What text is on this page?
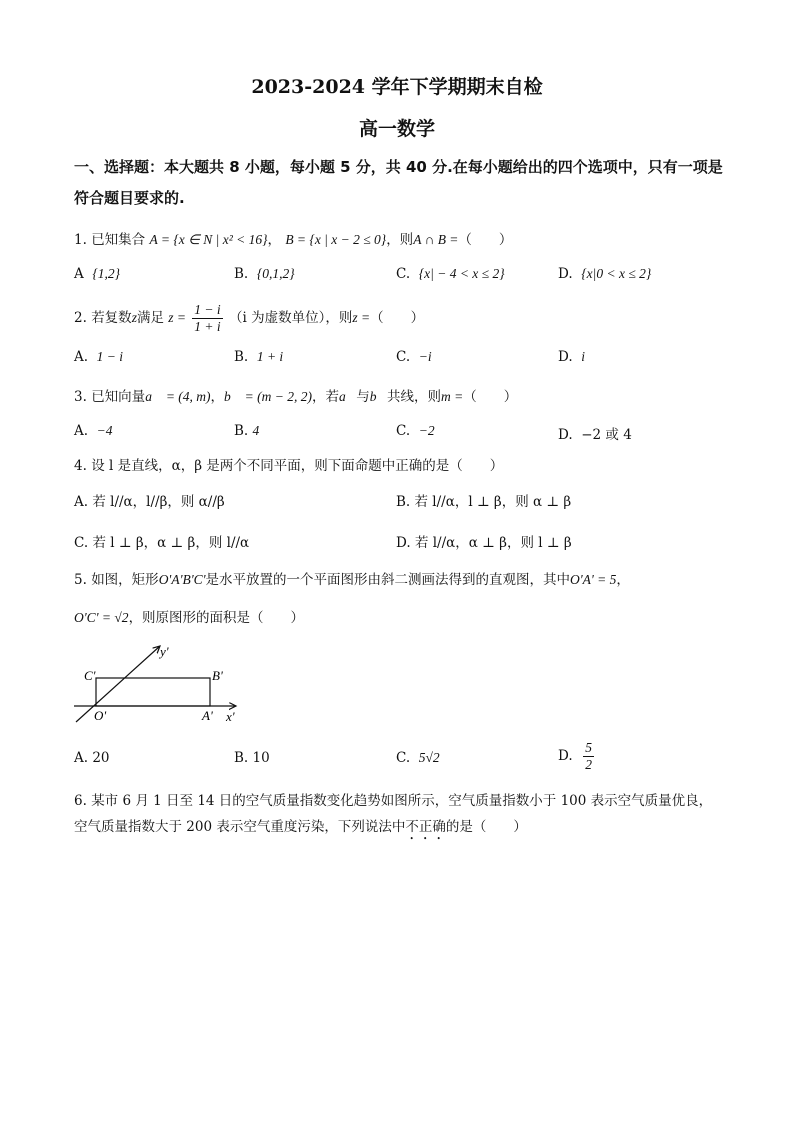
2023-2024 学年下学期期末自检
高一数学
一、选择题：本大题共 8 小题，每小题 5 分，共 40 分.在每小题给出的四个选项中，只有一项是符合题目要求的.
1. 已知集合 A = {x ∈ N | x² < 16}， B = {x | x − 2 ≤ 0}，则A ∩ B =（　　）
A {1,2}	B. {0,1,2}	C. {x| − 4 < x ≤ 2}	D. {x|0 < x ≤ 2}
2. 若复数z满足 $z = \frac{1 - i}{1 + i} (i$ 为虚数单位），则z =（　　）
A. 1 − i	B. 1 + i	C. −i	D. i
3. 已知向量a⃗ = (4, m)，b⃗ = (m − 2, 2)，若a⃗与b⃗共线，则m =（　　）
A. −4	B. 4	C. −2	D. −2 或 4
4. 设 l 是直线，α，β 是两个不同平面，则下面命题中正确的是（　　）
A. 若 l//α，l//β，则 α//β	B. 若 l//α，l ⊥ β，则 α ⊥ β
C. 若 l ⊥ β，α ⊥ β，则 l//α	D. 若 l//α，α ⊥ β，则 l ⊥ β
5. 如图，矩形O'A'B'C'是水平放置的一个平面图形由斜二测画法得到的直观图，其中O'A' = 5，
O'C' = √2，则原图形的面积是（　　）
C'	B'
O'	A' x'
y'
A. 20	B. 10	C. 5√2	D. $\frac{5}{2}$
6. 某市 6 月 1 日至 14 日的空气质量指数变化趋势如图所示，空气质量指数小于 100 表示空气质量优良，
空气质量指数大于 200 表示空气重度污染，下列说法中不正确的是（　　）
